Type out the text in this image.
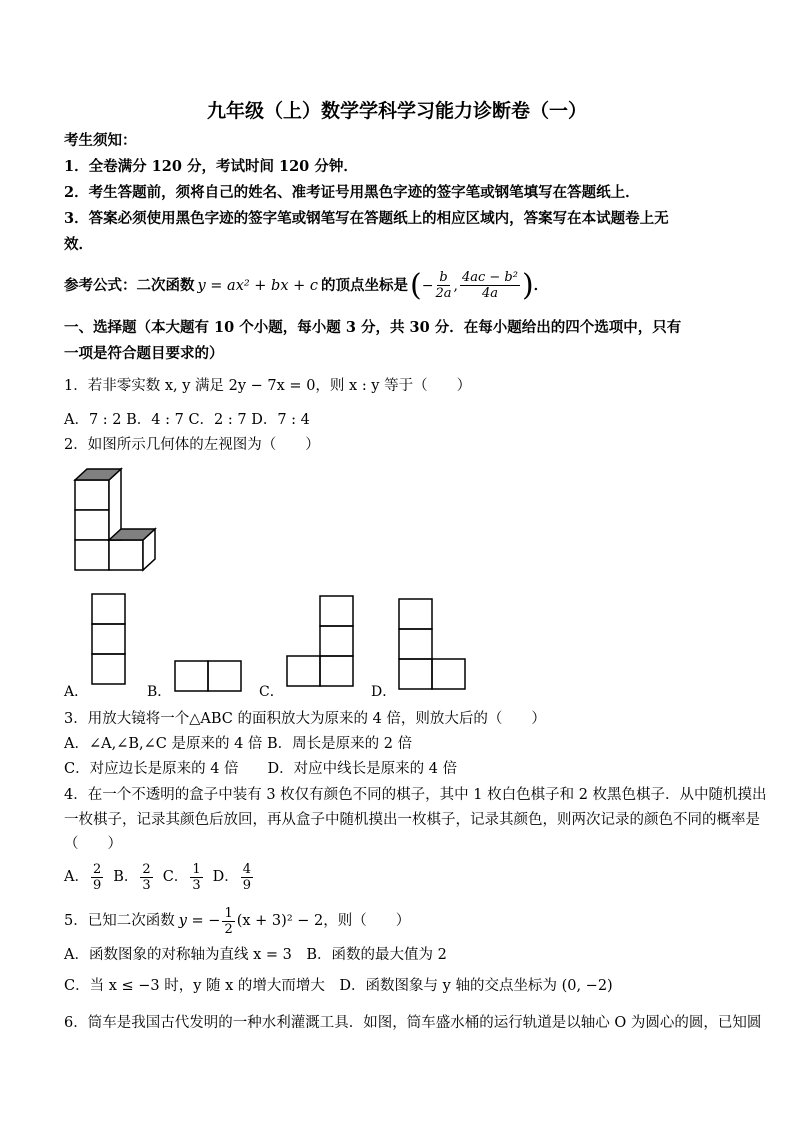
九年级（上）数学学科学习能力诊断卷（一）
考生须知：
1．全卷满分 120 分，考试时间 120 分钟．
2．考生答题前，须将自己的姓名、准考证号用黑色字迹的签字笔或钢笔填写在答题纸上．
3．答案必须使用黑色字迹的签字笔或钢笔写在答题纸上的相应区域内，答案写在本试题卷上无
效．
参考公式：二次函数 y = ax² + bx + c 的顶点坐标是 ( − $\frac{b}{2a}$ , $\frac{\text{4ac − b²}}{4a}$ ) ．
一、选择题（本大题有 10 个小题，每小题 3 分，共 30 分．在每小题给出的四个选项中，只有
一项是符合题目要求的）
1．若非零实数 x, y 满足 2y − 7x = 0，则 x : y 等于（　　）
A．7 : 2 B．4 : 7 C．2 : 7 D．7 : 4
2．如图所示几何体的左视图为（　　）
A．	B．	C．	D．
3．用放大镜将一个△ABC 的面积放大为原来的 4 倍，则放大后的（　　）
A．∠A,∠B,∠C 是原来的 4 倍 B．周长是原来的 2 倍
C．对应边长是原来的 4 倍　　D．对应中线长是原来的 4 倍
4．在一个不透明的盒子中装有 3 枚仅有颜色不同的棋子，其中 1 枚白色棋子和 2 枚黑色棋子．从中随机摸出
一枚棋子，记录其颜色后放回，再从盒子中随机摸出一枚棋子，记录其颜色，则两次记录的颜色不同的概率是
（　　）
A． $\frac{2}{9}$ B． $\frac{2}{3}$ C． $\frac{1}{3}$ D． $\frac{4}{9}$
5．已知二次函数 y = − $\frac{1}{2} (x + 3)^2 - 2$，则（　　）
A．函数图象的对称轴为直线 x = 3　B．函数的最大值为 2
C．当 x ≤ −3 时，y 随 x 的增大而增大　D．函数图象与 y 轴的交点坐标为 (0, −2)
6．筒车是我国古代发明的一种水利灌溉工具．如图，筒车盛水桶的运行轨道是以轴心 O 为圆心的圆，已知圆
